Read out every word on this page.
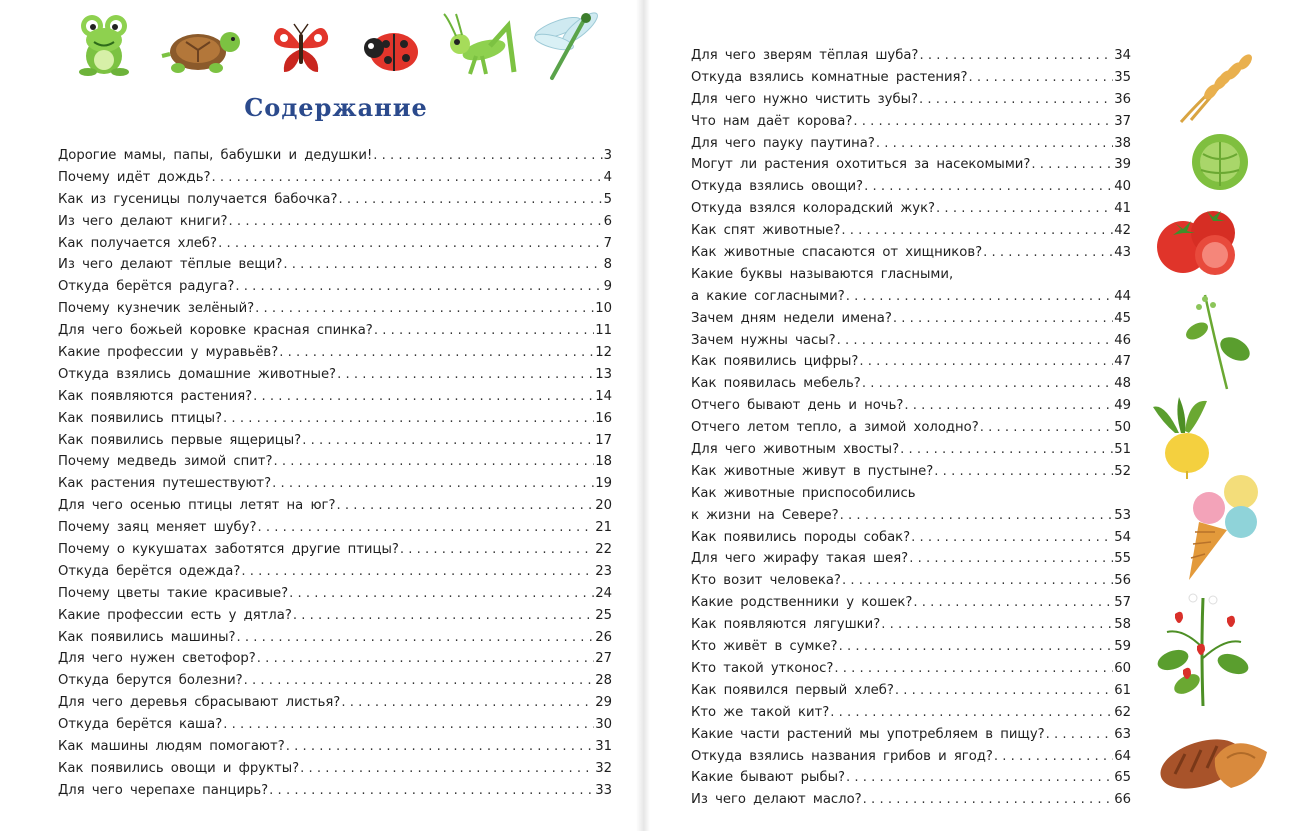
Содержание
Дорогие мамы, папы, бабушки и дедушки! . . .	3
Почему идёт дождь? . . .	4
Как из гусеницы получается бабочка? . . .	5
Из чего делают книги? . . .	6
Как получается хлеб? . . .	7
Из чего делают тёплые вещи? . . .	8
Откуда берётся радуга? . . .	9
Почему кузнечик зелёный? . . .	10
Для чего божьей коровке красная спинка? . . .	11
Какие профессии у муравьёв? . . .	12
Откуда взялись домашние животные? . . .	13
Как появляются растения? . . .	14
Как появились птицы? . . .	16
Как появились первые ящерицы? . . .	17
Почему медведь зимой спит? . . .	18
Как растения путешествуют? . . .	19
Для чего осенью птицы летят на юг? . . .	20
Почему заяц меняет шубу? . . .	21
Почему о кукушатах заботятся другие птицы? . . .	22
Откуда берётся одежда? . . .	23
Почему цветы такие красивые? . . .	24
Какие профессии есть у дятла? . . .	25
Как появились машины? . . .	26
Для чего нужен светофор? . . .	27
Откуда берутся болезни? . . .	28
Для чего деревья сбрасывают листья? . . .	29
Откуда берётся каша? . . .	30
Как машины людям помогают? . . .	31
Как появились овощи и фрукты? . . .	32
Для чего черепахе панцирь? . . .	33
Для чего зверям тёплая шуба? . . .	34
Откуда взялись комнатные растения? . . .	35
Для чего нужно чистить зубы? . . .	36
Что нам даёт корова? . . .	37
Для чего пауку паутина? . . .	38
Могут ли растения охотиться за насекомыми? . . .	39
Откуда взялись овощи? . . .	40
Откуда взялся колорадский жук? . . .	41
Как спят животные? . . .	42
Как животные спасаются от хищников? . . .	43
Какие буквы называются гласными,
а какие согласными? . . .	44
Зачем дням недели имена? . . .	45
Зачем нужны часы? . . .	46
Как появились цифры? . . .	47
Как появилась мебель? . . .	48
Отчего бывают день и ночь? . . .	49
Отчего летом тепло, а зимой холодно? . . .	50
Для чего животным хвосты? . . .	51
Как животные живут в пустыне? . . .	52
Как животные приспособились
к жизни на Севере? . . .	53
Как появились породы собак? . . .	54
Для чего жирафу такая шея? . . .	55
Кто возит человека? . . .	56
Какие родственники у кошек? . . .	57
Как появляются лягушки? . . .	58
Кто живёт в сумке? . . .	59
Кто такой утконос? . . .	60
Как появился первый хлеб? . . .	61
Кто же такой кит? . . .	62
Какие части растений мы употребляем в пищу? . . .	63
Откуда взялись названия грибов и ягод? . . .	64
Какие бывают рыбы? . . .	65
Из чего делают масло? . . .	66
